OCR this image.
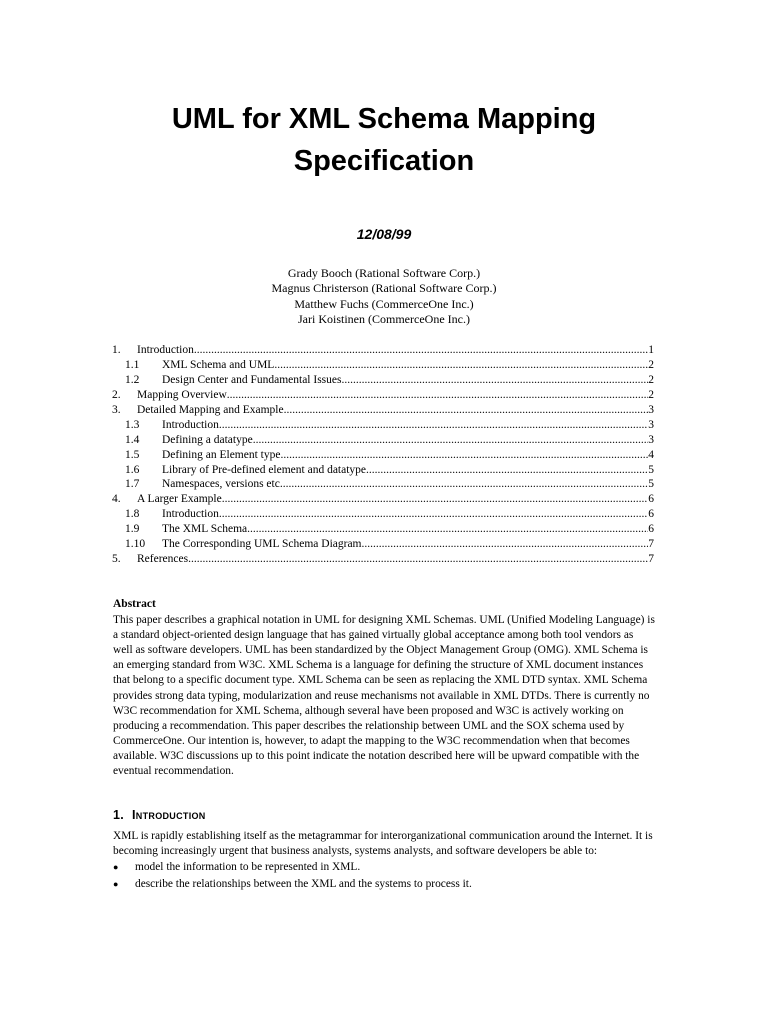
UML for XML Schema Mapping
Specification
12/08/99
Grady Booch (Rational Software Corp.)
Magnus Christerson (Rational Software Corp.)
Matthew Fuchs (CommerceOne Inc.)
Jari Koistinen (CommerceOne Inc.)
1.	Introduction .....	1
1.1	XML Schema and UML .....	2
1.2	Design Center and Fundamental Issues .....	2
2.	Mapping Overview .....	2
3.	Detailed Mapping and Example .....	3
1.3	Introduction .....	3
1.4	Defining a datatype .....	3
1.5	Defining an Element type .....	4
1.6	Library of Pre-defined element and datatype .....	5
1.7	Namespaces, versions etc. .....	5
4.	A Larger Example .....	6
1.8	Introduction .....	6
1.9	The XML Schema .....	6
1.10	The Corresponding UML Schema Diagram .....	7
5.	References .....	7
Abstract

This paper describes a graphical notation in UML for designing XML Schemas. UML (Unified Modeling Language) is a standard object-oriented design language that has gained virtually global acceptance among both tool vendors as well as software developers. UML has been standardized by the Object Management Group (OMG). XML Schema is an emerging standard from W3C. XML Schema is a language for defining the structure of XML document instances that belong to a specific document type. XML Schema can be seen as replacing the XML DTD syntax. XML Schema provides strong data typing, modularization and reuse mechanisms not available in XML DTDs. There is currently no W3C recommendation for XML Schema, although several have been proposed and W3C is actively working on producing a recommendation. This paper describes the relationship between UML and the SOX schema used by CommerceOne. Our intention is, however, to adapt the mapping to the W3C recommendation when that becomes available. W3C discussions up to this point indicate the notation described here will be upward compatible with the eventual recommendation.

1. Introduction

XML is rapidly establishing itself as the metagrammar for interorganizational communication around the Internet. It is becoming increasingly urgent that business analysts, systems analysts, and software developers be able to:

●	model the information to be represented in XML.
●	describe the relationships between the XML and the systems to process it.
